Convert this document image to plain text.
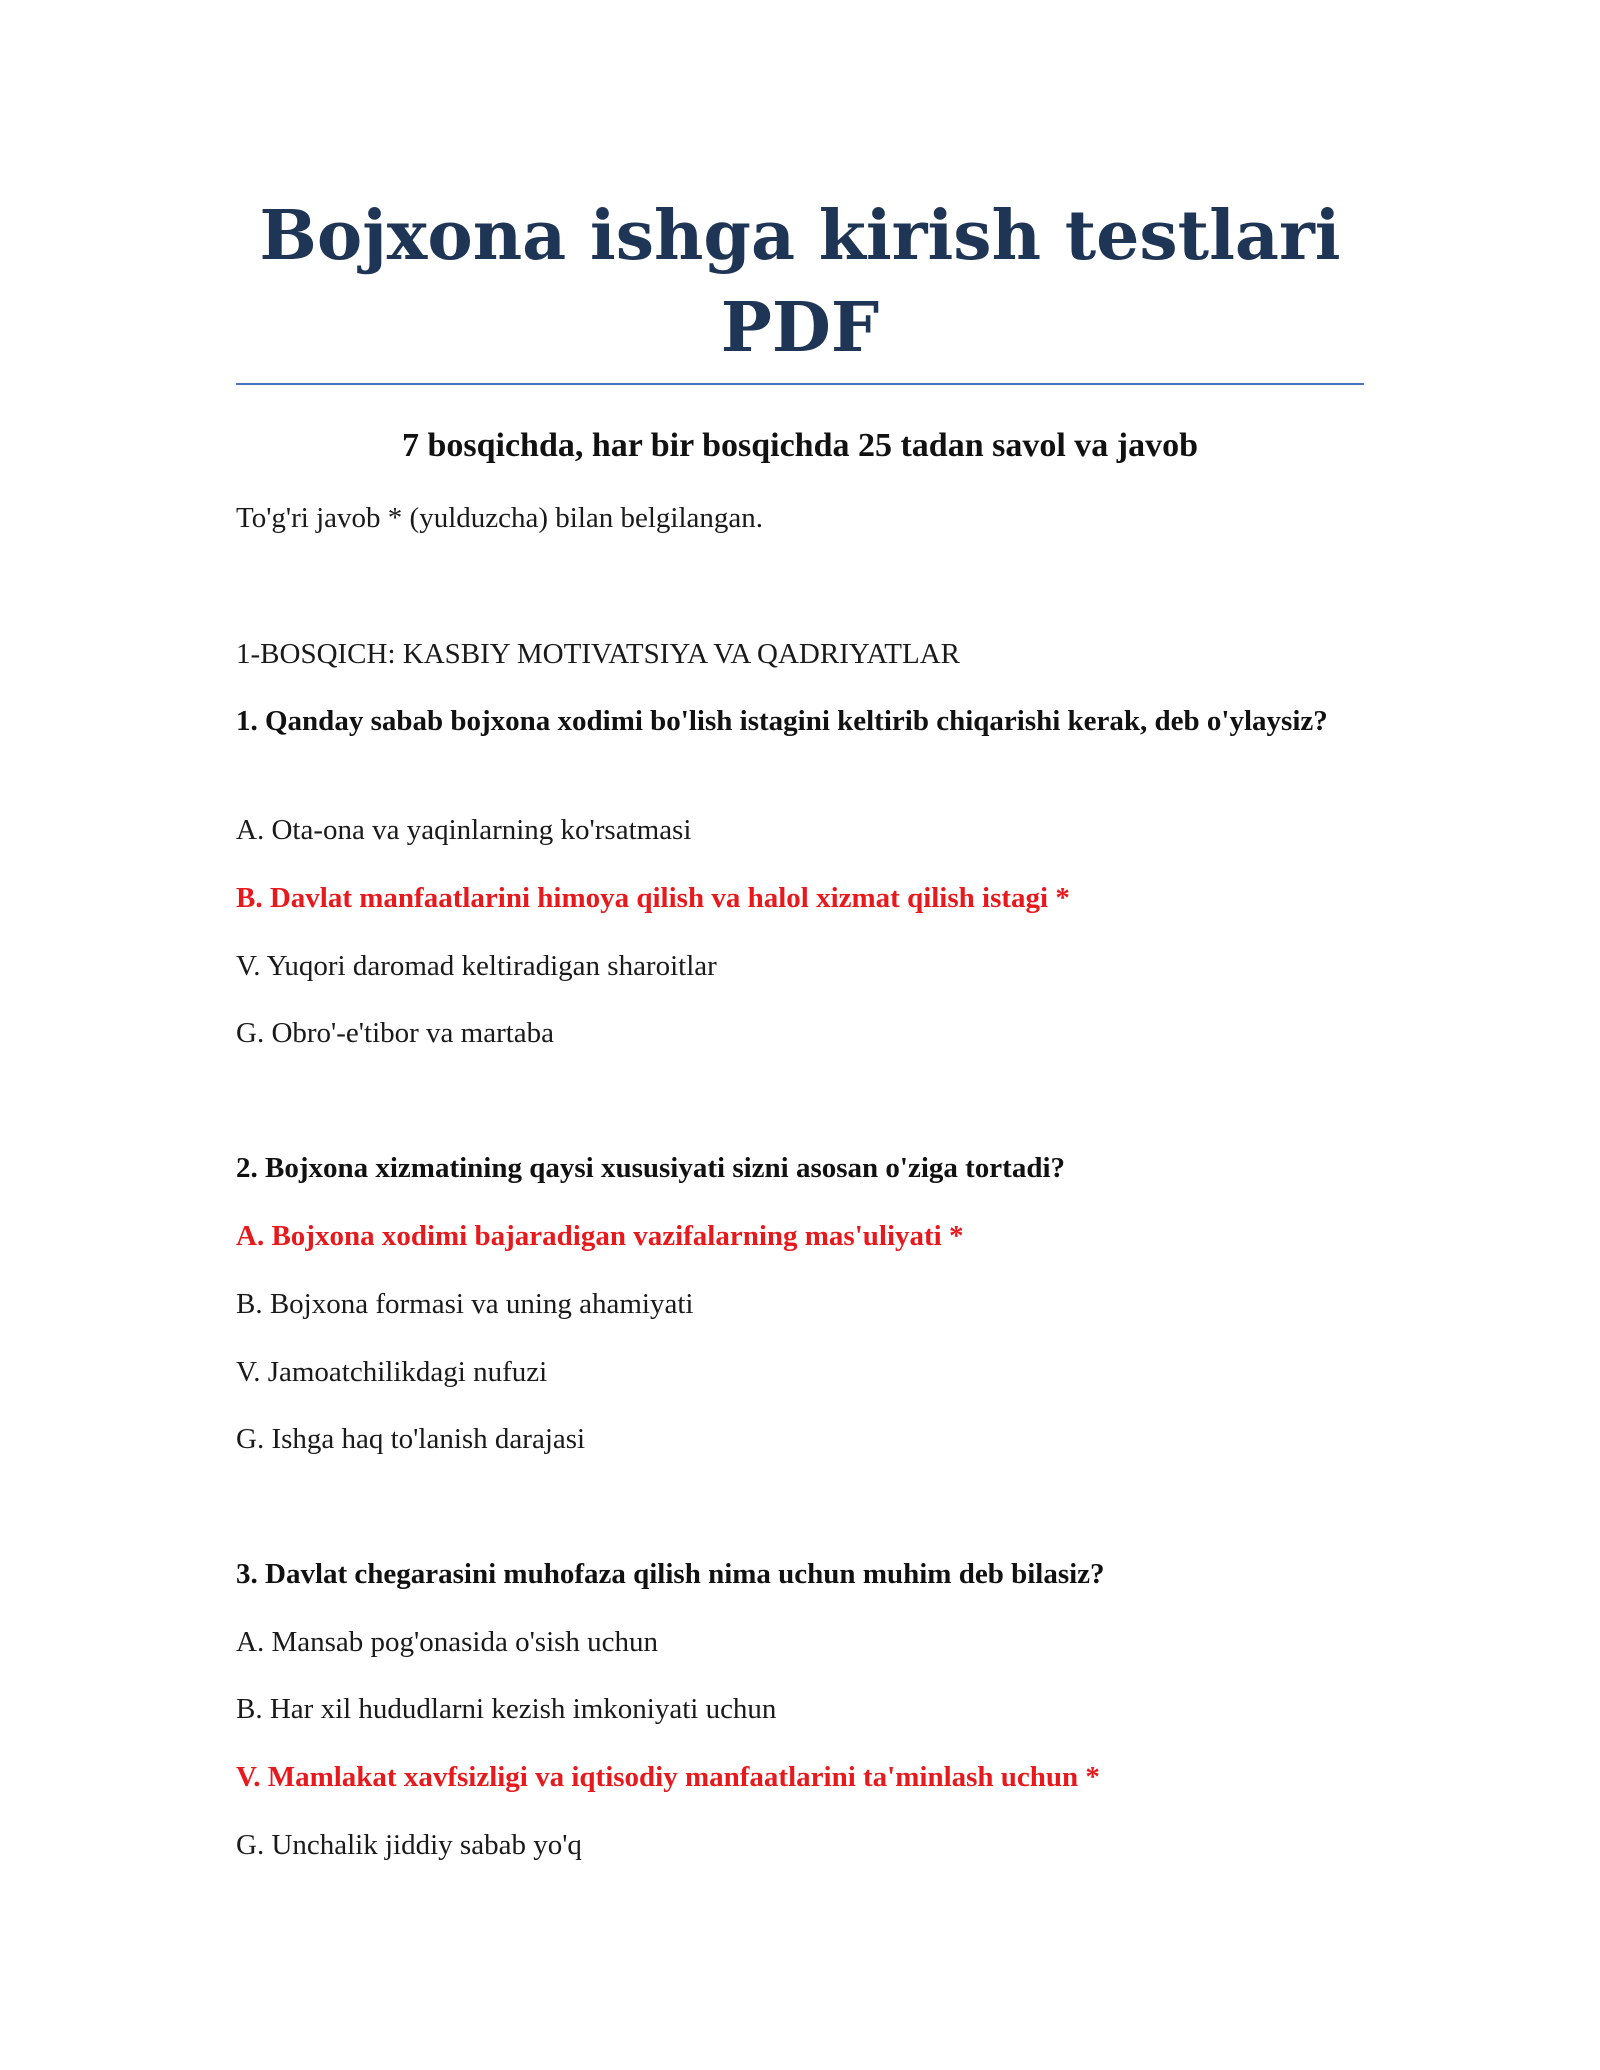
Bojxona ishga kirish testlari PDF
7 bosqichda, har bir bosqichda 25 tadan savol va javob
To'g'ri javob * (yulduzcha) bilan belgilangan.
1-BOSQICH: KASBIY MOTIVATSIYA VA QADRIYATLAR
1. Qanday sabab bojxona xodimi bo'lish istagini keltirib chiqarishi kerak, deb o'ylaysiz?
A. Ota-ona va yaqinlarning ko'rsatmasi
B. Davlat manfaatlarini himoya qilish va halol xizmat qilish istagi *
V. Yuqori daromad keltiradigan sharoitlar
G. Obro'-e'tibor va martaba
2. Bojxona xizmatining qaysi xususiyati sizni asosan o'ziga tortadi?
A. Bojxona xodimi bajaradigan vazifalarning mas'uliyati *
B. Bojxona formasi va uning ahamiyati
V. Jamoatchilikdagi nufuzi
G. Ishga haq to'lanish darajasi
3. Davlat chegarasini muhofaza qilish nima uchun muhim deb bilasiz?
A. Mansab pog'onasida o'sish uchun
B. Har xil hududlarni kezish imkoniyati uchun
V. Mamlakat xavfsizligi va iqtisodiy manfaatlarini ta'minlash uchun *
G. Unchalik jiddiy sabab yo'q
